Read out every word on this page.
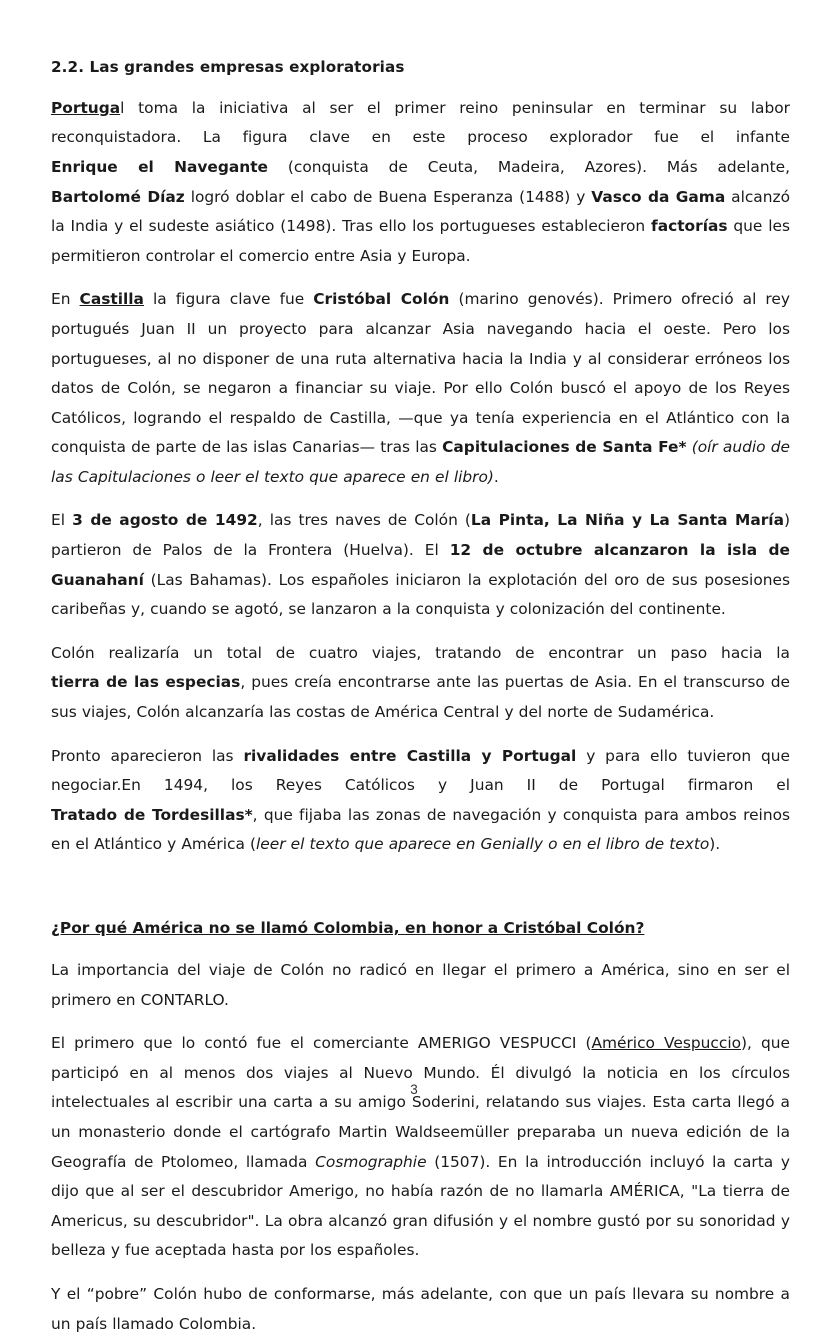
2.2. Las grandes empresas exploratorias

Portugal toma la iniciativa al ser el primer reino peninsular en terminar su labor reconquistadora. La figura clave en este proceso explorador fue el infante Enrique el Navegante (conquista de Ceuta, Madeira, Azores). Más adelante, Bartolomé Díaz logró doblar el cabo de Buena Esperanza (1488) y Vasco da Gama alcanzó la India y el sudeste asiático (1498). Tras ello los portugueses establecieron factorías que les permitieron controlar el comercio entre Asia y Europa.

En Castilla la figura clave fue Cristóbal Colón (marino genovés). Primero ofreció al rey portugués Juan II un proyecto para alcanzar Asia navegando hacia el oeste. Pero los portugueses, al no disponer de una ruta alternativa hacia la India y al considerar erróneos los datos de Colón, se negaron a financiar su viaje. Por ello Colón buscó el apoyo de los Reyes Católicos, logrando el respaldo de Castilla, —que ya tenía experiencia en el Atlántico con la conquista de parte de las islas Canarias— tras las Capitulaciones de Santa Fe* (oír audio de las Capitulaciones o leer el texto que aparece en el libro).

El 3 de agosto de 1492, las tres naves de Colón (La Pinta, La Niña y La Santa María) partieron de Palos de la Frontera (Huelva). El 12 de octubre alcanzaron la isla de Guanahaní (Las Bahamas). Los españoles iniciaron la explotación del oro de sus posesiones caribeñas y, cuando se agotó, se lanzaron a la conquista y colonización del continente.

Colón realizaría un total de cuatro viajes, tratando de encontrar un paso hacia la tierra de las especias, pues creía encontrarse ante las puertas de Asia. En el transcurso de sus viajes, Colón alcanzaría las costas de América Central y del norte de Sudamérica.

Pronto aparecieron las rivalidades entre Castilla y Portugal y para ello tuvieron que negociar.En 1494, los Reyes Católicos y Juan II de Portugal firmaron el Tratado de Tordesillas*, que fijaba las zonas de navegación y conquista para ambos reinos en el Atlántico y América (leer el texto que aparece en Genially o en el libro de texto).

¿Por qué América no se llamó Colombia, en honor a Cristóbal Colón?

La importancia del viaje de Colón no radicó en llegar el primero a América, sino en ser el primero en CONTARLO.

El primero que lo contó fue el comerciante AMERIGO VESPUCCI (Américo Vespuccio), que participó en al menos dos viajes al Nuevo Mundo. Él divulgó la noticia en los círculos intelectuales al escribir una carta a su amigo Soderini, relatando sus viajes. Esta carta llegó a un monasterio donde el cartógrafo Martin Waldseemüller preparaba un nueva edición de la Geografía de Ptolomeo, llamada Cosmographie (1507). En la introducción incluyó la carta y dijo que al ser el descubridor Amerigo, no había razón de no llamarla AMÉRICA, "La tierra de Americus, su descubridor". La obra alcanzó gran difusión y el nombre gustó por su sonoridad y belleza y fue aceptada hasta por los españoles.

Y el “pobre” Colón hubo de conformarse, más adelante, con que un país llevara su nombre a un país llamado Colombia.

3
